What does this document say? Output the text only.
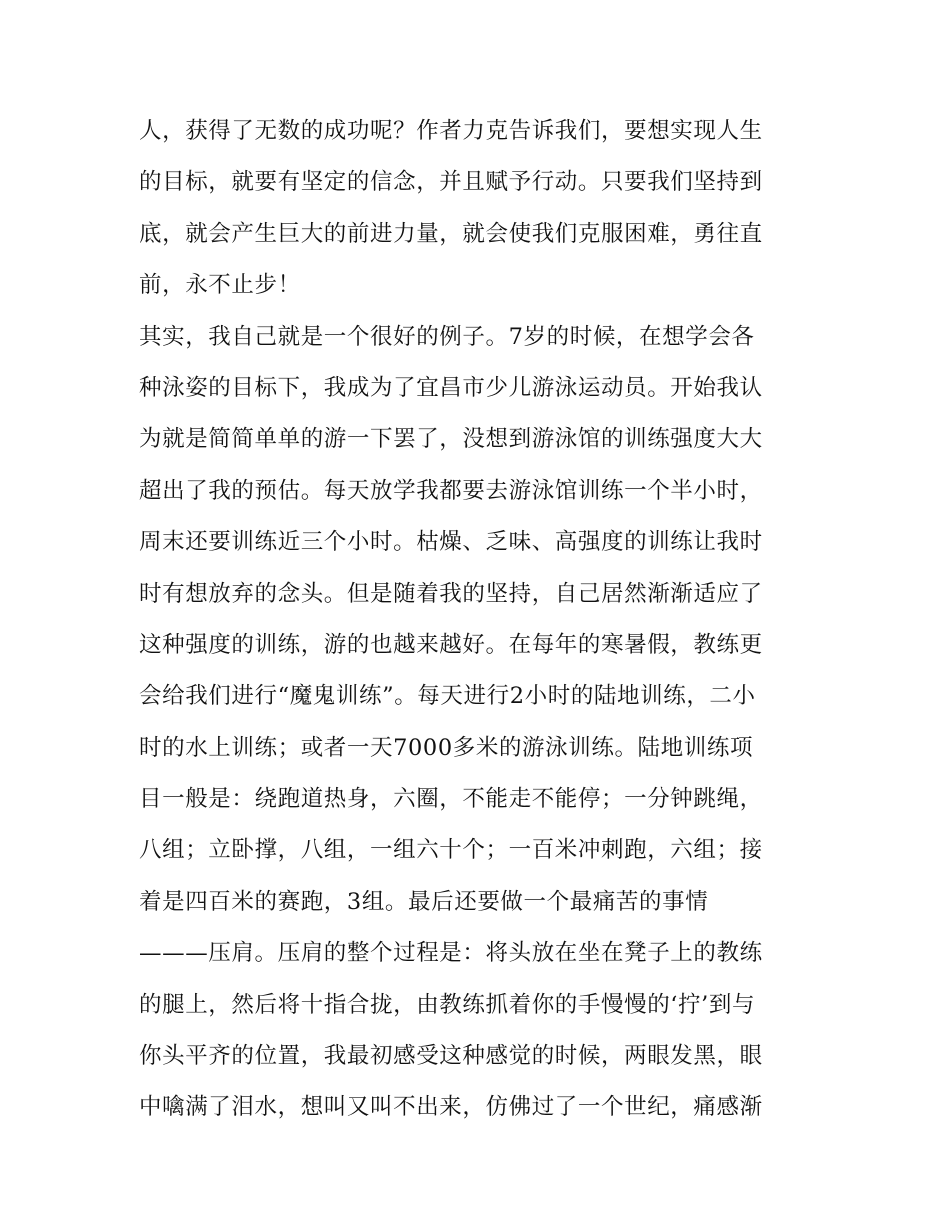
人，获得了无数的成功呢？作者力克告诉我们，要想实现人生
的目标，就要有坚定的信念，并且赋予行动。只要我们坚持到
底，就会产生巨大的前进力量，就会使我们克服困难，勇往直
前，永不止步！
其实，我自己就是一个很好的例子。7岁的时候，在想学会各
种泳姿的目标下，我成为了宜昌市少儿游泳运动员。开始我认
为就是简简单单的游一下罢了，没想到游泳馆的训练强度大大
超出了我的预估。每天放学我都要去游泳馆训练一个半小时，
周末还要训练近三个小时。枯燥、乏味、高强度的训练让我时
时有想放弃的念头。但是随着我的坚持，自己居然渐渐适应了
这种强度的训练，游的也越来越好。在每年的寒暑假，教练更
会给我们进行“魔鬼训练”。每天进行2小时的陆地训练，二小
时的水上训练；或者一天7000多米的游泳训练。陆地训练项
目一般是：绕跑道热身，六圈，不能走不能停；一分钟跳绳，
八组；立卧撑，八组，一组六十个；一百米冲刺跑，六组；接
着是四百米的赛跑，3组。最后还要做一个最痛苦的事情
———压肩。压肩的整个过程是：将头放在坐在凳子上的教练
的腿上，然后将十指合拢，由教练抓着你的手慢慢的‘拧’到与
你头平齐的位置，我最初感受这种感觉的时候，两眼发黑，眼
中噙满了泪水，想叫又叫不出来，仿佛过了一个世纪，痛感渐
